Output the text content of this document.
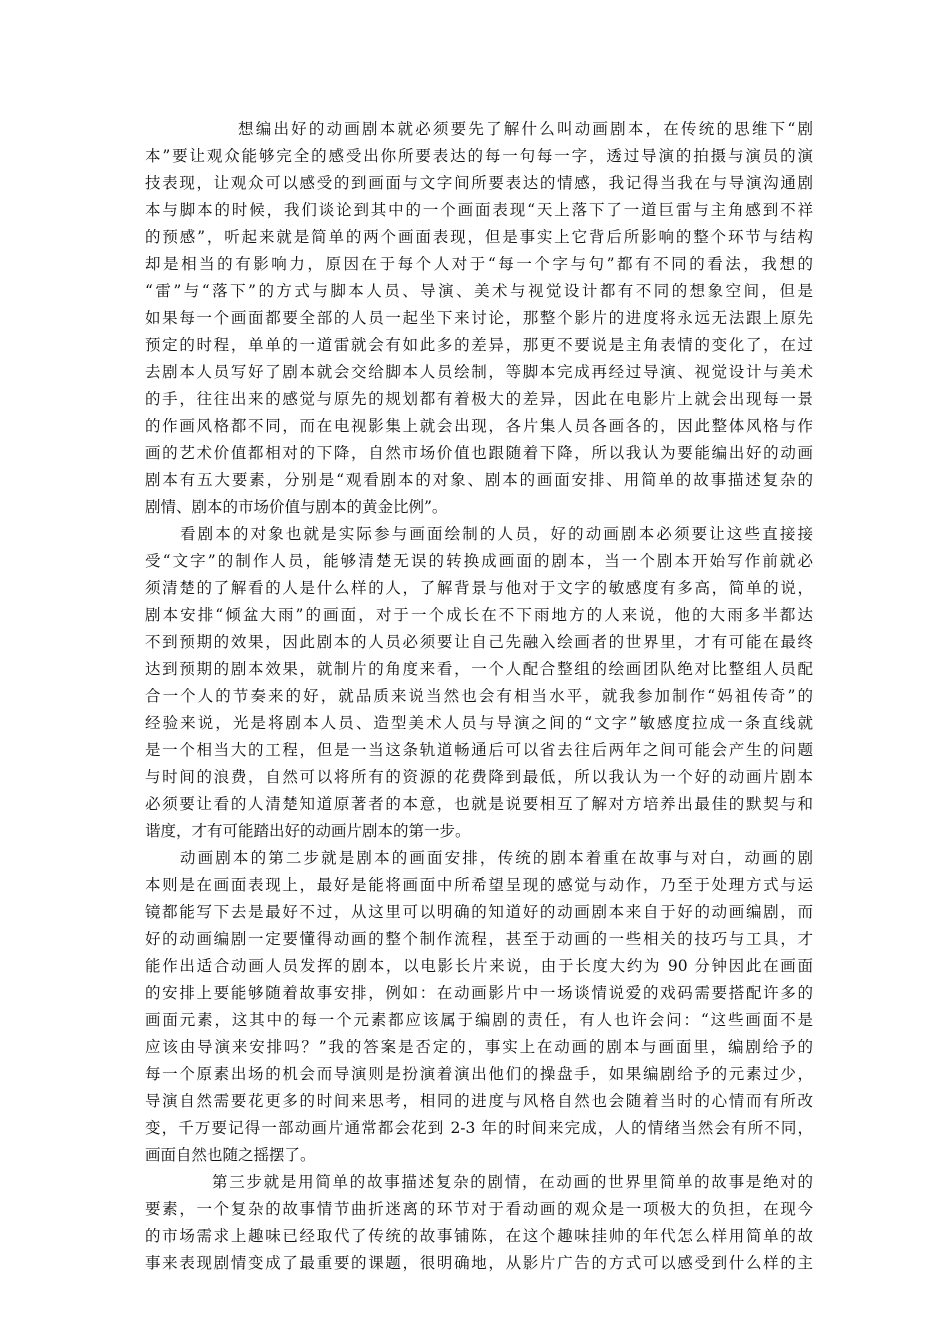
想编出好的动画剧本就必须要先了解什么叫动画剧本，在传统的思维下“剧
本”要让观众能够完全的感受出你所要表达的每一句每一字，透过导演的拍摄与演员的演
技表现，让观众可以感受的到画面与文字间所要表达的情感，我记得当我在与导演沟通剧
本与脚本的时候，我们谈论到其中的一个画面表现“天上落下了一道巨雷与主角感到不祥
的预感”，听起来就是简单的两个画面表现，但是事实上它背后所影响的整个环节与结构
却是相当的有影响力，原因在于每个人对于“每一个字与句”都有不同的看法，我想的
“雷”与“落下”的方式与脚本人员、导演、美术与视觉设计都有不同的想象空间，但是
如果每一个画面都要全部的人员一起坐下来讨论，那整个影片的进度将永远无法跟上原先
预定的时程，单单的一道雷就会有如此多的差异，那更不要说是主角表情的变化了，在过
去剧本人员写好了剧本就会交给脚本人员绘制，等脚本完成再经过导演、视觉设计与美术
的手，往往出来的感觉与原先的规划都有着极大的差异，因此在电影片上就会出现每一景
的作画风格都不同，而在电视影集上就会出现，各片集人员各画各的，因此整体风格与作
画的艺术价值都相对的下降，自然市场价值也跟随着下降，所以我认为要能编出好的动画
剧本有五大要素，分别是“观看剧本的对象、剧本的画面安排、用简单的故事描述复杂的
剧情、剧本的市场价值与剧本的黄金比例”。
看剧本的对象也就是实际参与画面绘制的人员，好的动画剧本必须要让这些直接接
受“文字”的制作人员，能够清楚无误的转换成画面的剧本，当一个剧本开始写作前就必
须清楚的了解看的人是什么样的人，了解背景与他对于文字的敏感度有多高，简单的说，
剧本安排“倾盆大雨”的画面，对于一个成长在不下雨地方的人来说，他的大雨多半都达
不到预期的效果，因此剧本的人员必须要让自己先融入绘画者的世界里，才有可能在最终
达到预期的剧本效果，就制片的角度来看，一个人配合整组的绘画团队绝对比整组人员配
合一个人的节奏来的好，就品质来说当然也会有相当水平，就我参加制作“妈祖传奇”的
经验来说，光是将剧本人员、造型美术人员与导演之间的“文字”敏感度拉成一条直线就
是一个相当大的工程，但是一当这条轨道畅通后可以省去往后两年之间可能会产生的问题
与时间的浪费，自然可以将所有的资源的花费降到最低，所以我认为一个好的动画片剧本
必须要让看的人清楚知道原著者的本意，也就是说要相互了解对方培养出最佳的默契与和
谐度，才有可能踏出好的动画片剧本的第一步。
动画剧本的第二步就是剧本的画面安排，传统的剧本着重在故事与对白，动画的剧
本则是在画面表现上，最好是能将画面中所希望呈现的感觉与动作，乃至于处理方式与运
镜都能写下去是最好不过，从这里可以明确的知道好的动画剧本来自于好的动画编剧，而
好的动画编剧一定要懂得动画的整个制作流程，甚至于动画的一些相关的技巧与工具，才
能作出适合动画人员发挥的剧本，以电影长片来说，由于长度大约为 90 分钟因此在画面
的安排上要能够随着故事安排，例如：在动画影片中一场谈情说爱的戏码需要搭配许多的
画面元素，这其中的每一个元素都应该属于编剧的责任，有人也许会问：“这些画面不是
应该由导演来安排吗？”我的答案是否定的，事实上在动画的剧本与画面里，编剧给予的
每一个原素出场的机会而导演则是扮演着演出他们的操盘手，如果编剧给予的元素过少，
导演自然需要花更多的时间来思考，相同的进度与风格自然也会随着当时的心情而有所改
变，千万要记得一部动画片通常都会花到 2-3 年的时间来完成，人的情绪当然会有所不同，
画面自然也随之摇摆了。
第三步就是用简单的故事描述复杂的剧情，在动画的世界里简单的故事是绝对的
要素，一个复杂的故事情节曲折迷离的环节对于看动画的观众是一项极大的负担，在现今
的市场需求上趣味已经取代了传统的故事铺陈，在这个趣味挂帅的年代怎么样用简单的故
事来表现剧情变成了最重要的课题，很明确地，从影片广告的方式可以感受到什么样的主
